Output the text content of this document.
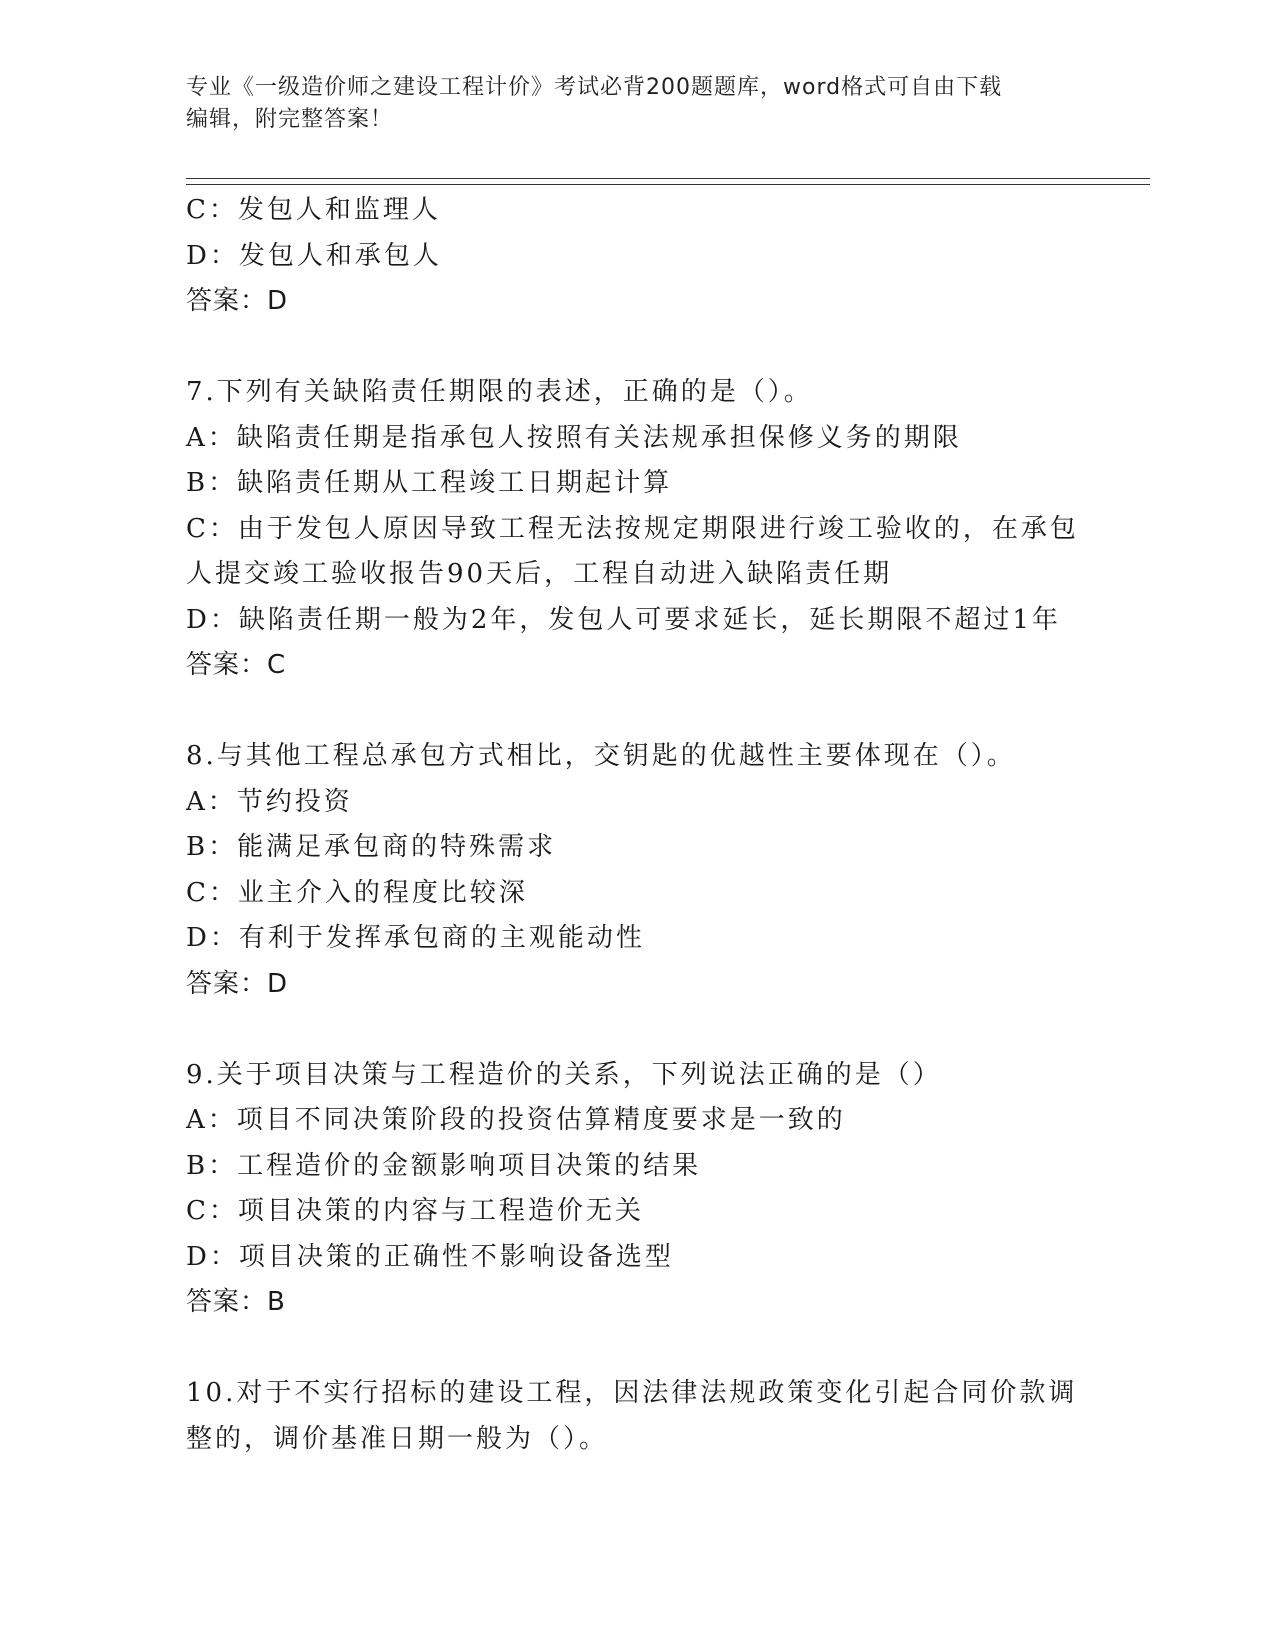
专业《一级造价师之建设工程计价》考试必背200题题库，word格式可自由下载
编辑，附完整答案！
C：发包人和监理人
D：发包人和承包人
答案：D
7.下列有关缺陷责任期限的表述，正确的是（）。
A：缺陷责任期是指承包人按照有关法规承担保修义务的期限
B：缺陷责任期从工程竣工日期起计算
C：由于发包人原因导致工程无法按规定期限进行竣工验收的，在承包
人提交竣工验收报告90天后，工程自动进入缺陷责任期
D：缺陷责任期一般为2年，发包人可要求延长，延长期限不超过1年
答案：C
8.与其他工程总承包方式相比，交钥匙的优越性主要体现在（）。
A：节约投资
B：能满足承包商的特殊需求
C：业主介入的程度比较深
D：有利于发挥承包商的主观能动性
答案：D
9.关于项目决策与工程造价的关系，下列说法正确的是（）
A：项目不同决策阶段的投资估算精度要求是一致的
B：工程造价的金额影响项目决策的结果
C：项目决策的内容与工程造价无关
D：项目决策的正确性不影响设备选型
答案：B
10.对于不实行招标的建设工程，因法律法规政策变化引起合同价款调
整的，调价基准日期一般为（）。
